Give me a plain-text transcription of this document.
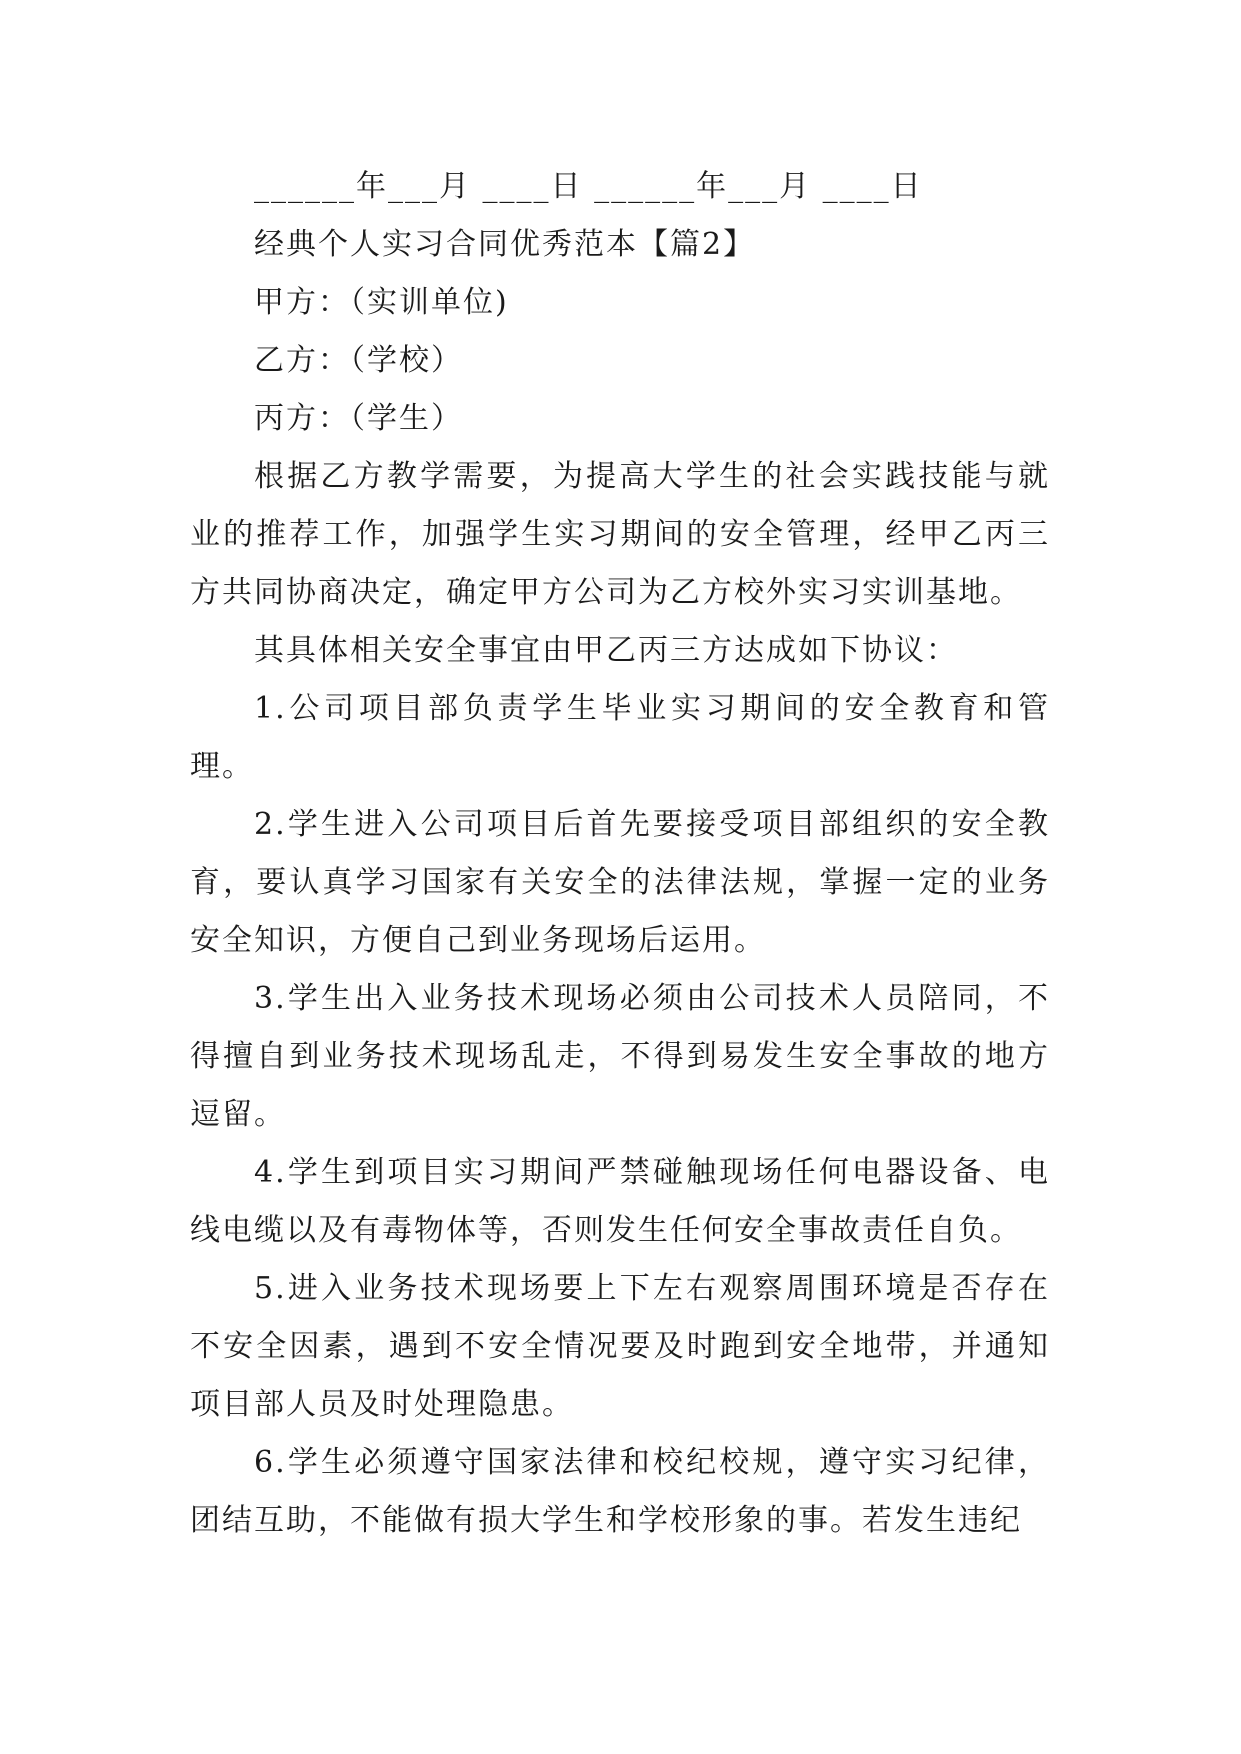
______年___月 ____日 ______年___月 ____日

经典个人实习合同优秀范本【篇2】

甲方：（实训单位)

乙方：（学校）

丙方：（学生）

根据乙方教学需要，为提高大学生的社会实践技能与就业的推荐工作，加强学生实习期间的安全管理，经甲乙丙三方共同协商决定，确定甲方公司为乙方校外实习实训基地。

其具体相关安全事宜由甲乙丙三方达成如下协议：

1.公司项目部负责学生毕业实习期间的安全教育和管理。

2.学生进入公司项目后首先要接受项目部组织的安全教育，要认真学习国家有关安全的法律法规，掌握一定的业务安全知识，方便自己到业务现场后运用。

3.学生出入业务技术现场必须由公司技术人员陪同，不得擅自到业务技术现场乱走，不得到易发生安全事故的地方逗留。

4.学生到项目实习期间严禁碰触现场任何电器设备、电线电缆以及有毒物体等，否则发生任何安全事故责任自负。

5.进入业务技术现场要上下左右观察周围环境是否存在不安全因素，遇到不安全情况要及时跑到安全地带，并通知项目部人员及时处理隐患。

6.学生必须遵守国家法律和校纪校规，遵守实习纪律，团结互助，不能做有损大学生和学校形象的事。若发生违纪
